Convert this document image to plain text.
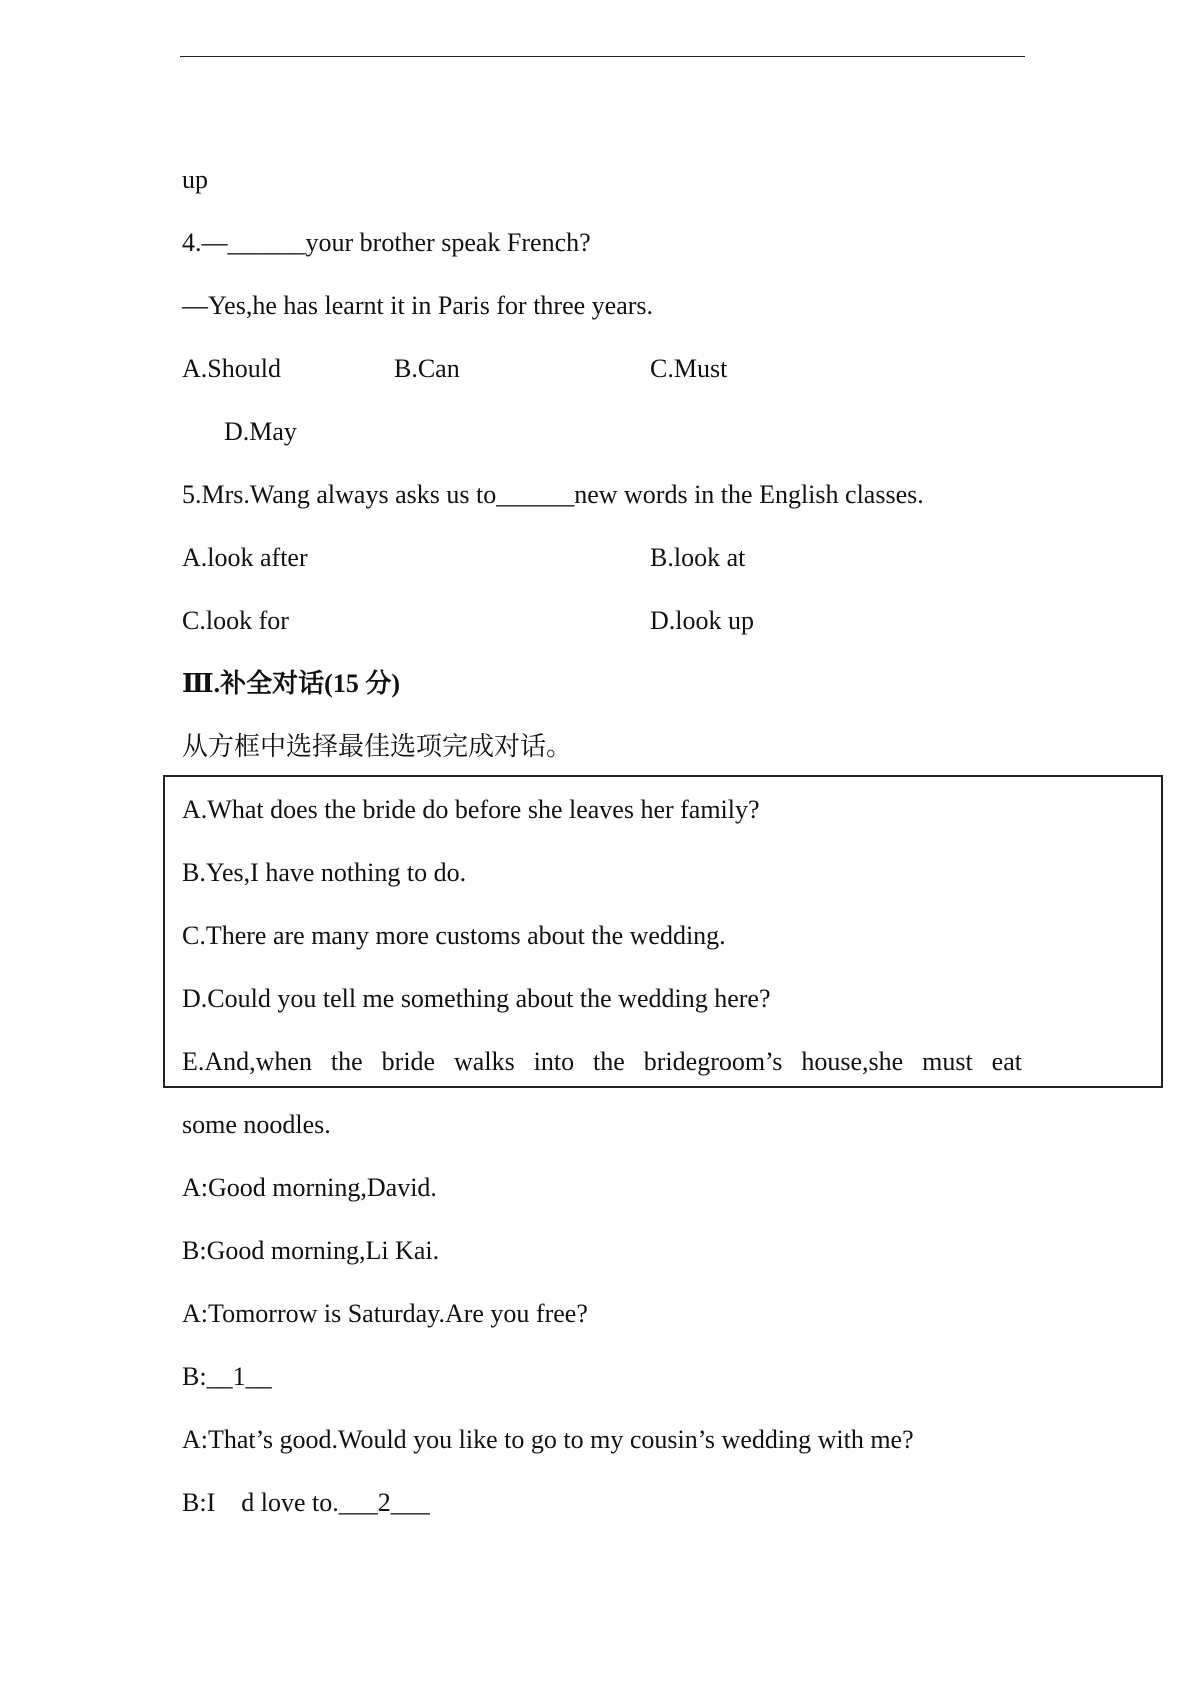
up
4.—______your brother speak French?
—Yes,he has learnt it in Paris for three years.
A.Should	B.Can	C.Must
D.May
5.Mrs.Wang always asks us to______new words in the English classes.
A.look after	B.look at
C.look for	D.look up
Ⅲ.补全对话(15 分)
从方框中选择最佳选项完成对话。
A.What does the bride do before she leaves her family?
B.Yes,I have nothing to do.
C.There are many more customs about the wedding.
D.Could you tell me something about the wedding here?
E.And,when the bride walks into the bridegroom’s house,she must eat
some noodles.
A:Good morning,David.
B:Good morning,Li Kai.
A:Tomorrow is Saturday.Are you free?
B:__1__
A:That’s good.Would you like to go to my cousin’s wedding with me?
B:I d love to.___2___
